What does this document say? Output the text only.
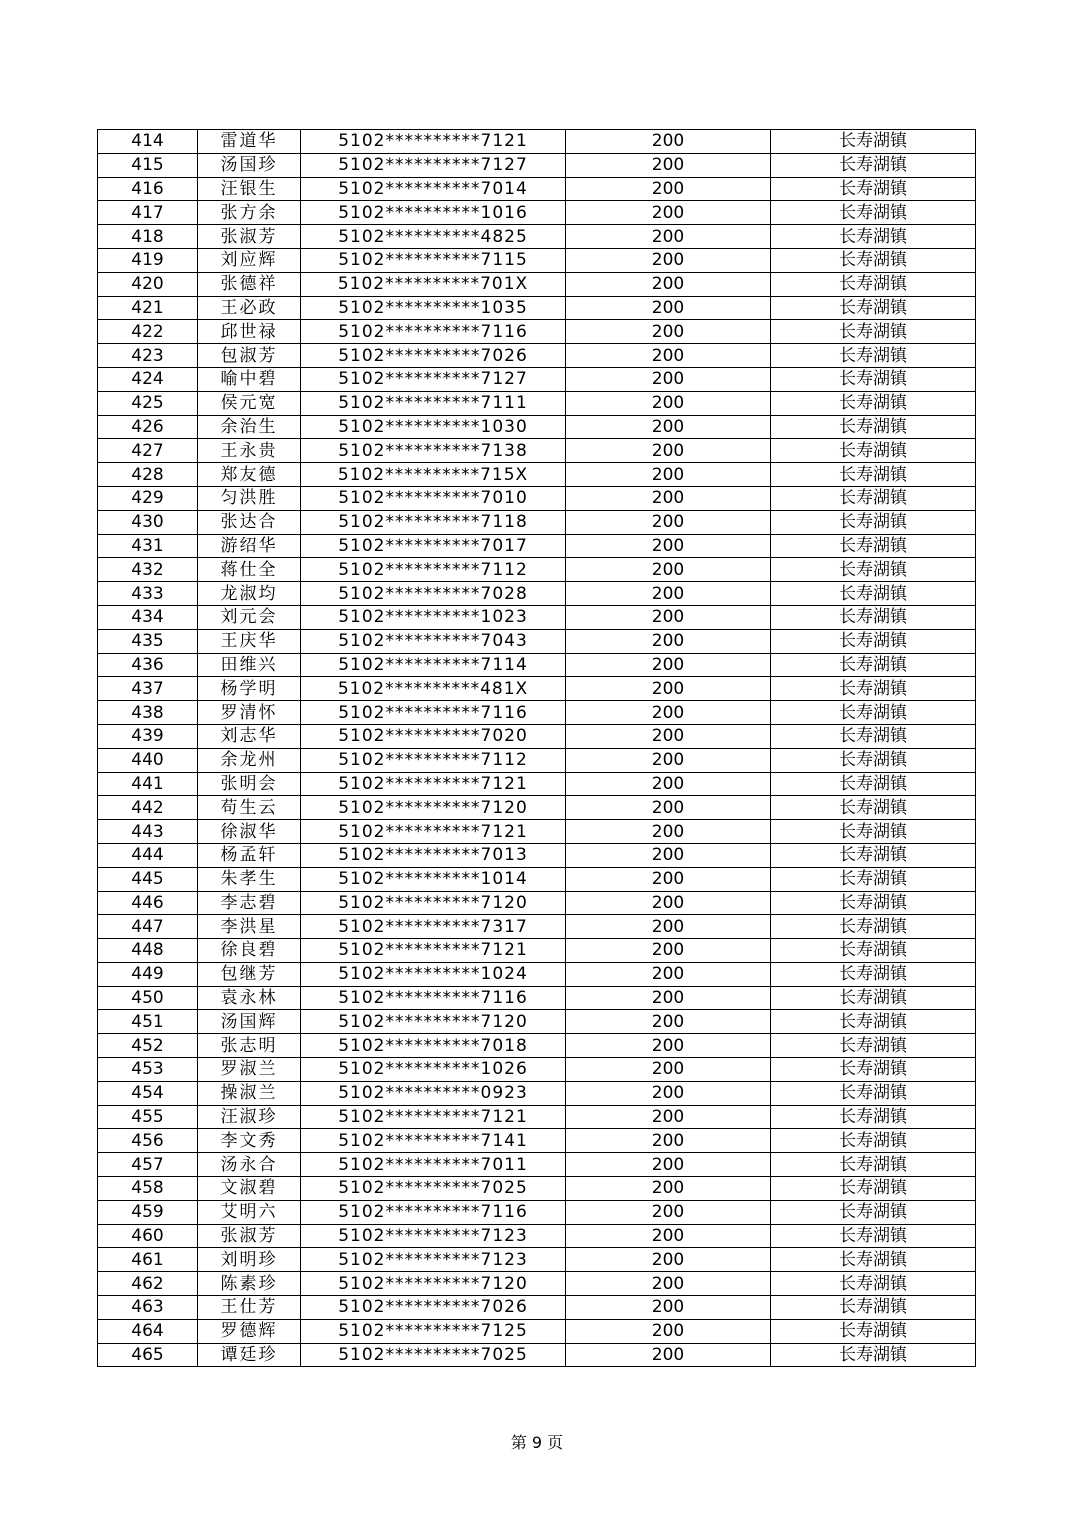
414	雷道华	5102**********7121	200	长寿湖镇
415	汤国珍	5102**********7127	200	长寿湖镇
416	汪银生	5102**********7014	200	长寿湖镇
417	张方余	5102**********1016	200	长寿湖镇
418	张淑芳	5102**********4825	200	长寿湖镇
419	刘应辉	5102**********7115	200	长寿湖镇
420	张德祥	5102**********701X	200	长寿湖镇
421	王必政	5102**********1035	200	长寿湖镇
422	邱世禄	5102**********7116	200	长寿湖镇
423	包淑芳	5102**********7026	200	长寿湖镇
424	喻中碧	5102**********7127	200	长寿湖镇
425	侯元宽	5102**********7111	200	长寿湖镇
426	余治生	5102**********1030	200	长寿湖镇
427	王永贵	5102**********7138	200	长寿湖镇
428	郑友德	5102**********715X	200	长寿湖镇
429	匀洪胜	5102**********7010	200	长寿湖镇
430	张达合	5102**********7118	200	长寿湖镇
431	游绍华	5102**********7017	200	长寿湖镇
432	蒋仕全	5102**********7112	200	长寿湖镇
433	龙淑均	5102**********7028	200	长寿湖镇
434	刘元会	5102**********1023	200	长寿湖镇
435	王庆华	5102**********7043	200	长寿湖镇
436	田维兴	5102**********7114	200	长寿湖镇
437	杨学明	5102**********481X	200	长寿湖镇
438	罗清怀	5102**********7116	200	长寿湖镇
439	刘志华	5102**********7020	200	长寿湖镇
440	余龙州	5102**********7112	200	长寿湖镇
441	张明会	5102**********7121	200	长寿湖镇
442	苟生云	5102**********7120	200	长寿湖镇
443	徐淑华	5102**********7121	200	长寿湖镇
444	杨孟轩	5102**********7013	200	长寿湖镇
445	朱孝生	5102**********1014	200	长寿湖镇
446	李志碧	5102**********7120	200	长寿湖镇
447	李洪星	5102**********7317	200	长寿湖镇
448	徐良碧	5102**********7121	200	长寿湖镇
449	包继芳	5102**********1024	200	长寿湖镇
450	袁永林	5102**********7116	200	长寿湖镇
451	汤国辉	5102**********7120	200	长寿湖镇
452	张志明	5102**********7018	200	长寿湖镇
453	罗淑兰	5102**********1026	200	长寿湖镇
454	操淑兰	5102**********0923	200	长寿湖镇
455	汪淑珍	5102**********7121	200	长寿湖镇
456	李文秀	5102**********7141	200	长寿湖镇
457	汤永合	5102**********7011	200	长寿湖镇
458	文淑碧	5102**********7025	200	长寿湖镇
459	艾明六	5102**********7116	200	长寿湖镇
460	张淑芳	5102**********7123	200	长寿湖镇
461	刘明珍	5102**********7123	200	长寿湖镇
462	陈素珍	5102**********7120	200	长寿湖镇
463	王仕芳	5102**********7026	200	长寿湖镇
464	罗德辉	5102**********7125	200	长寿湖镇
465	谭廷珍	5102**********7025	200	长寿湖镇
第 9 页
